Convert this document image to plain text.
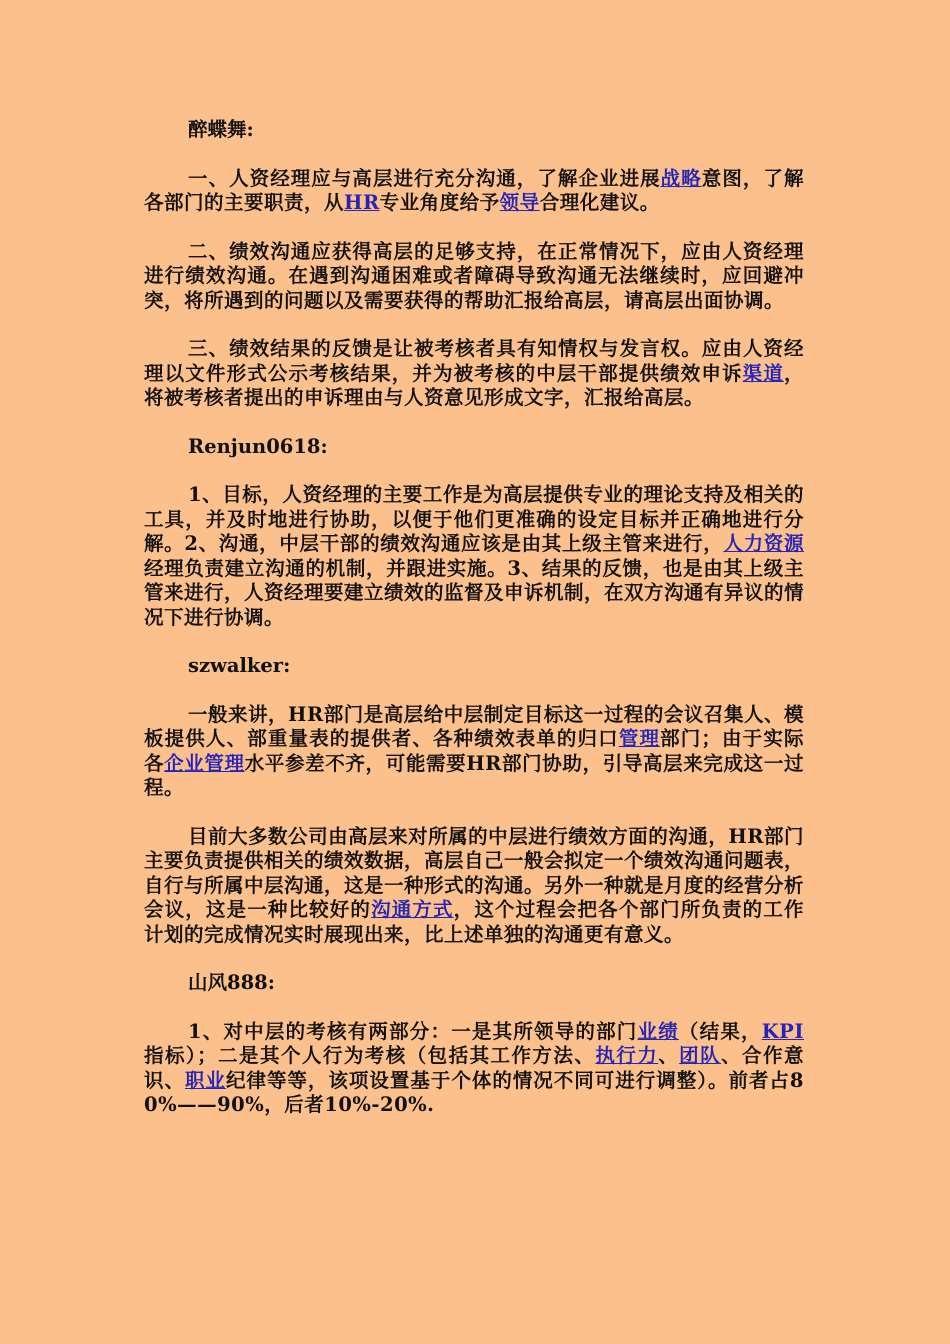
醉蝶舞:

一、人资经理应与高层进行充分沟通，了解企业进展战略意图，了解各部门的主要职责，从HR专业角度给予领导合理化建议。

二、绩效沟通应获得高层的足够支持，在正常情况下，应由人资经理进行绩效沟通。在遇到沟通困难或者障碍导致沟通无法继续时，应回避冲突，将所遇到的问题以及需要获得的帮助汇报给高层，请高层出面协调。

三、绩效结果的反馈是让被考核者具有知情权与发言权。应由人资经理以文件形式公示考核结果，并为被考核的中层干部提供绩效申诉渠道，将被考核者提出的申诉理由与人资意见形成文字，汇报给高层。

Renjun0618:

1、目标，人资经理的主要工作是为高层提供专业的理论支持及相关的工具，并及时地进行协助，以便于他们更准确的设定目标并正确地进行分解。2、沟通，中层干部的绩效沟通应该是由其上级主管来进行，人力资源经理负责建立沟通的机制，并跟进实施。3、结果的反馈，也是由其上级主管来进行，人资经理要建立绩效的监督及申诉机制，在双方沟通有异议的情况下进行协调。

szwalker:

一般来讲，HR部门是高层给中层制定目标这一过程的会议召集人、模板提供人、部重量表的提供者、各种绩效表单的归口管理部门；由于实际各企业管理水平参差不齐，可能需要HR部门协助，引导高层来完成这一过程。

目前大多数公司由高层来对所属的中层进行绩效方面的沟通，HR部门主要负责提供相关的绩效数据，高层自己一般会拟定一个绩效沟通问题表，自行与所属中层沟通，这是一种形式的沟通。另外一种就是月度的经营分析会议，这是一种比较好的沟通方式，这个过程会把各个部门所负责的工作计划的完成情况实时展现出来，比上述单独的沟通更有意义。

山风888:

1、对中层的考核有两部分：一是其所领导的部门业绩（结果，KPI指标）；二是其个人行为考核（包括其工作方法、执行力、团队、合作意识、职业纪律等等，该项设置基于个体的情况不同可进行调整）。前者占80%——90%，后者10%-20%.
